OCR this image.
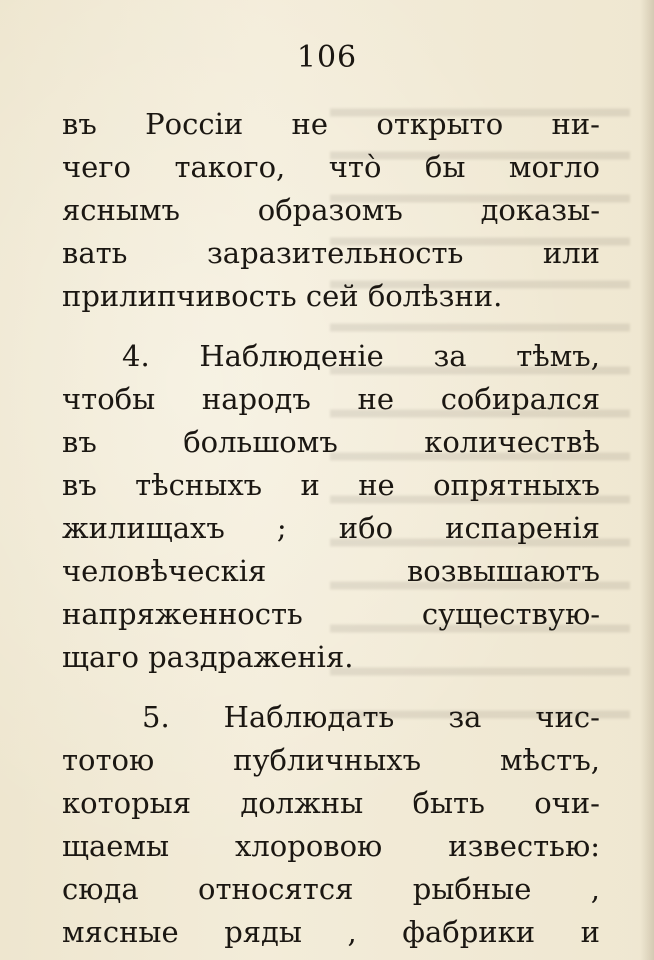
106
въ Россіи не открыто ни-
чего такого, что̀ бы могло
яснымъ	образомъ	доказы-
вать	заразительность	или
прилипчивость сей болѣзни.
4. Наблюденіе за тѣмъ,
чтобы народъ не собирался
въ	большомъ	количествѣ
въ тѣсныхъ и не опрятныхъ
жилищахъ ; ибо испаренія
человѣческія	возвышаютъ
напряженность	существую-
щаго раздраженія.
5. Наблюдать за чис-
тотою	публичныхъ	мѣстъ,
которыя должны быть очи-
щаемы хлоровою известью:
сюда относятся рыбные ,
мясные ряды , фабрики и
